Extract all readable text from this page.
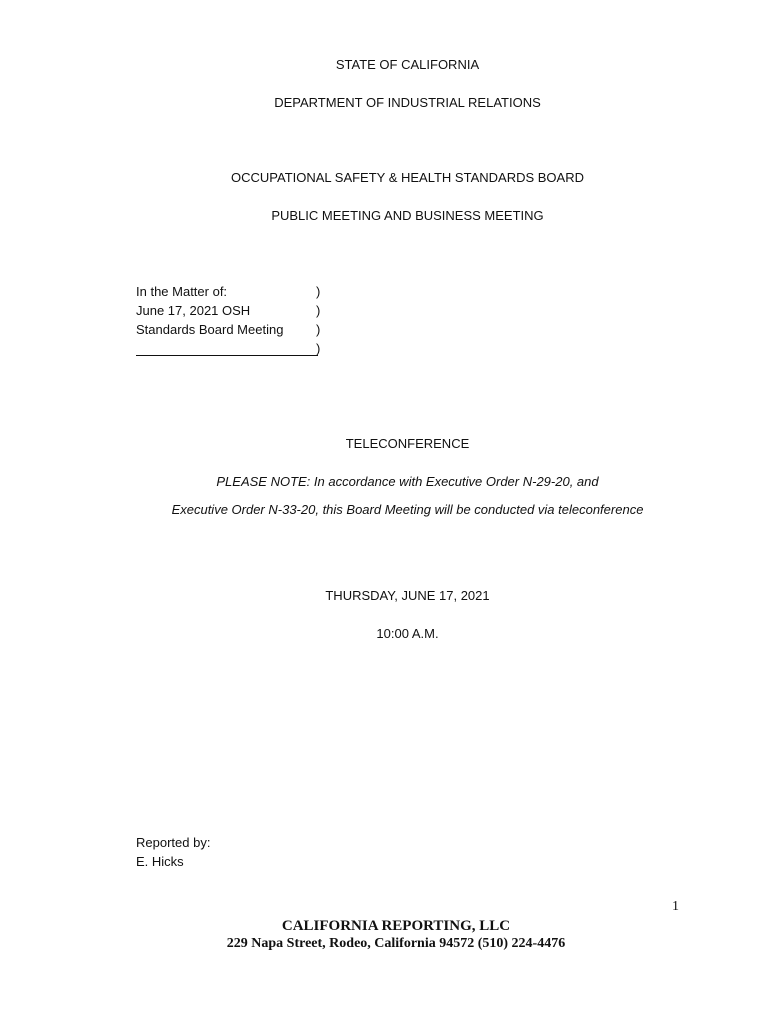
STATE OF CALIFORNIA
DEPARTMENT OF INDUSTRIAL RELATIONS
OCCUPATIONAL SAFETY & HEALTH STANDARDS BOARD
PUBLIC MEETING AND BUSINESS MEETING
In the Matter of:	)
June 17, 2021 OSH	)
Standards Board Meeting	)
)
TELECONFERENCE
PLEASE NOTE: In accordance with Executive Order N-29-20, and
Executive Order N-33-20, this Board Meeting will be conducted via teleconference
THURSDAY, JUNE 17, 2021
10:00 A.M.
Reported by:
E. Hicks
1
CALIFORNIA REPORTING, LLC
229 Napa Street, Rodeo, California 94572 (510) 224-4476
